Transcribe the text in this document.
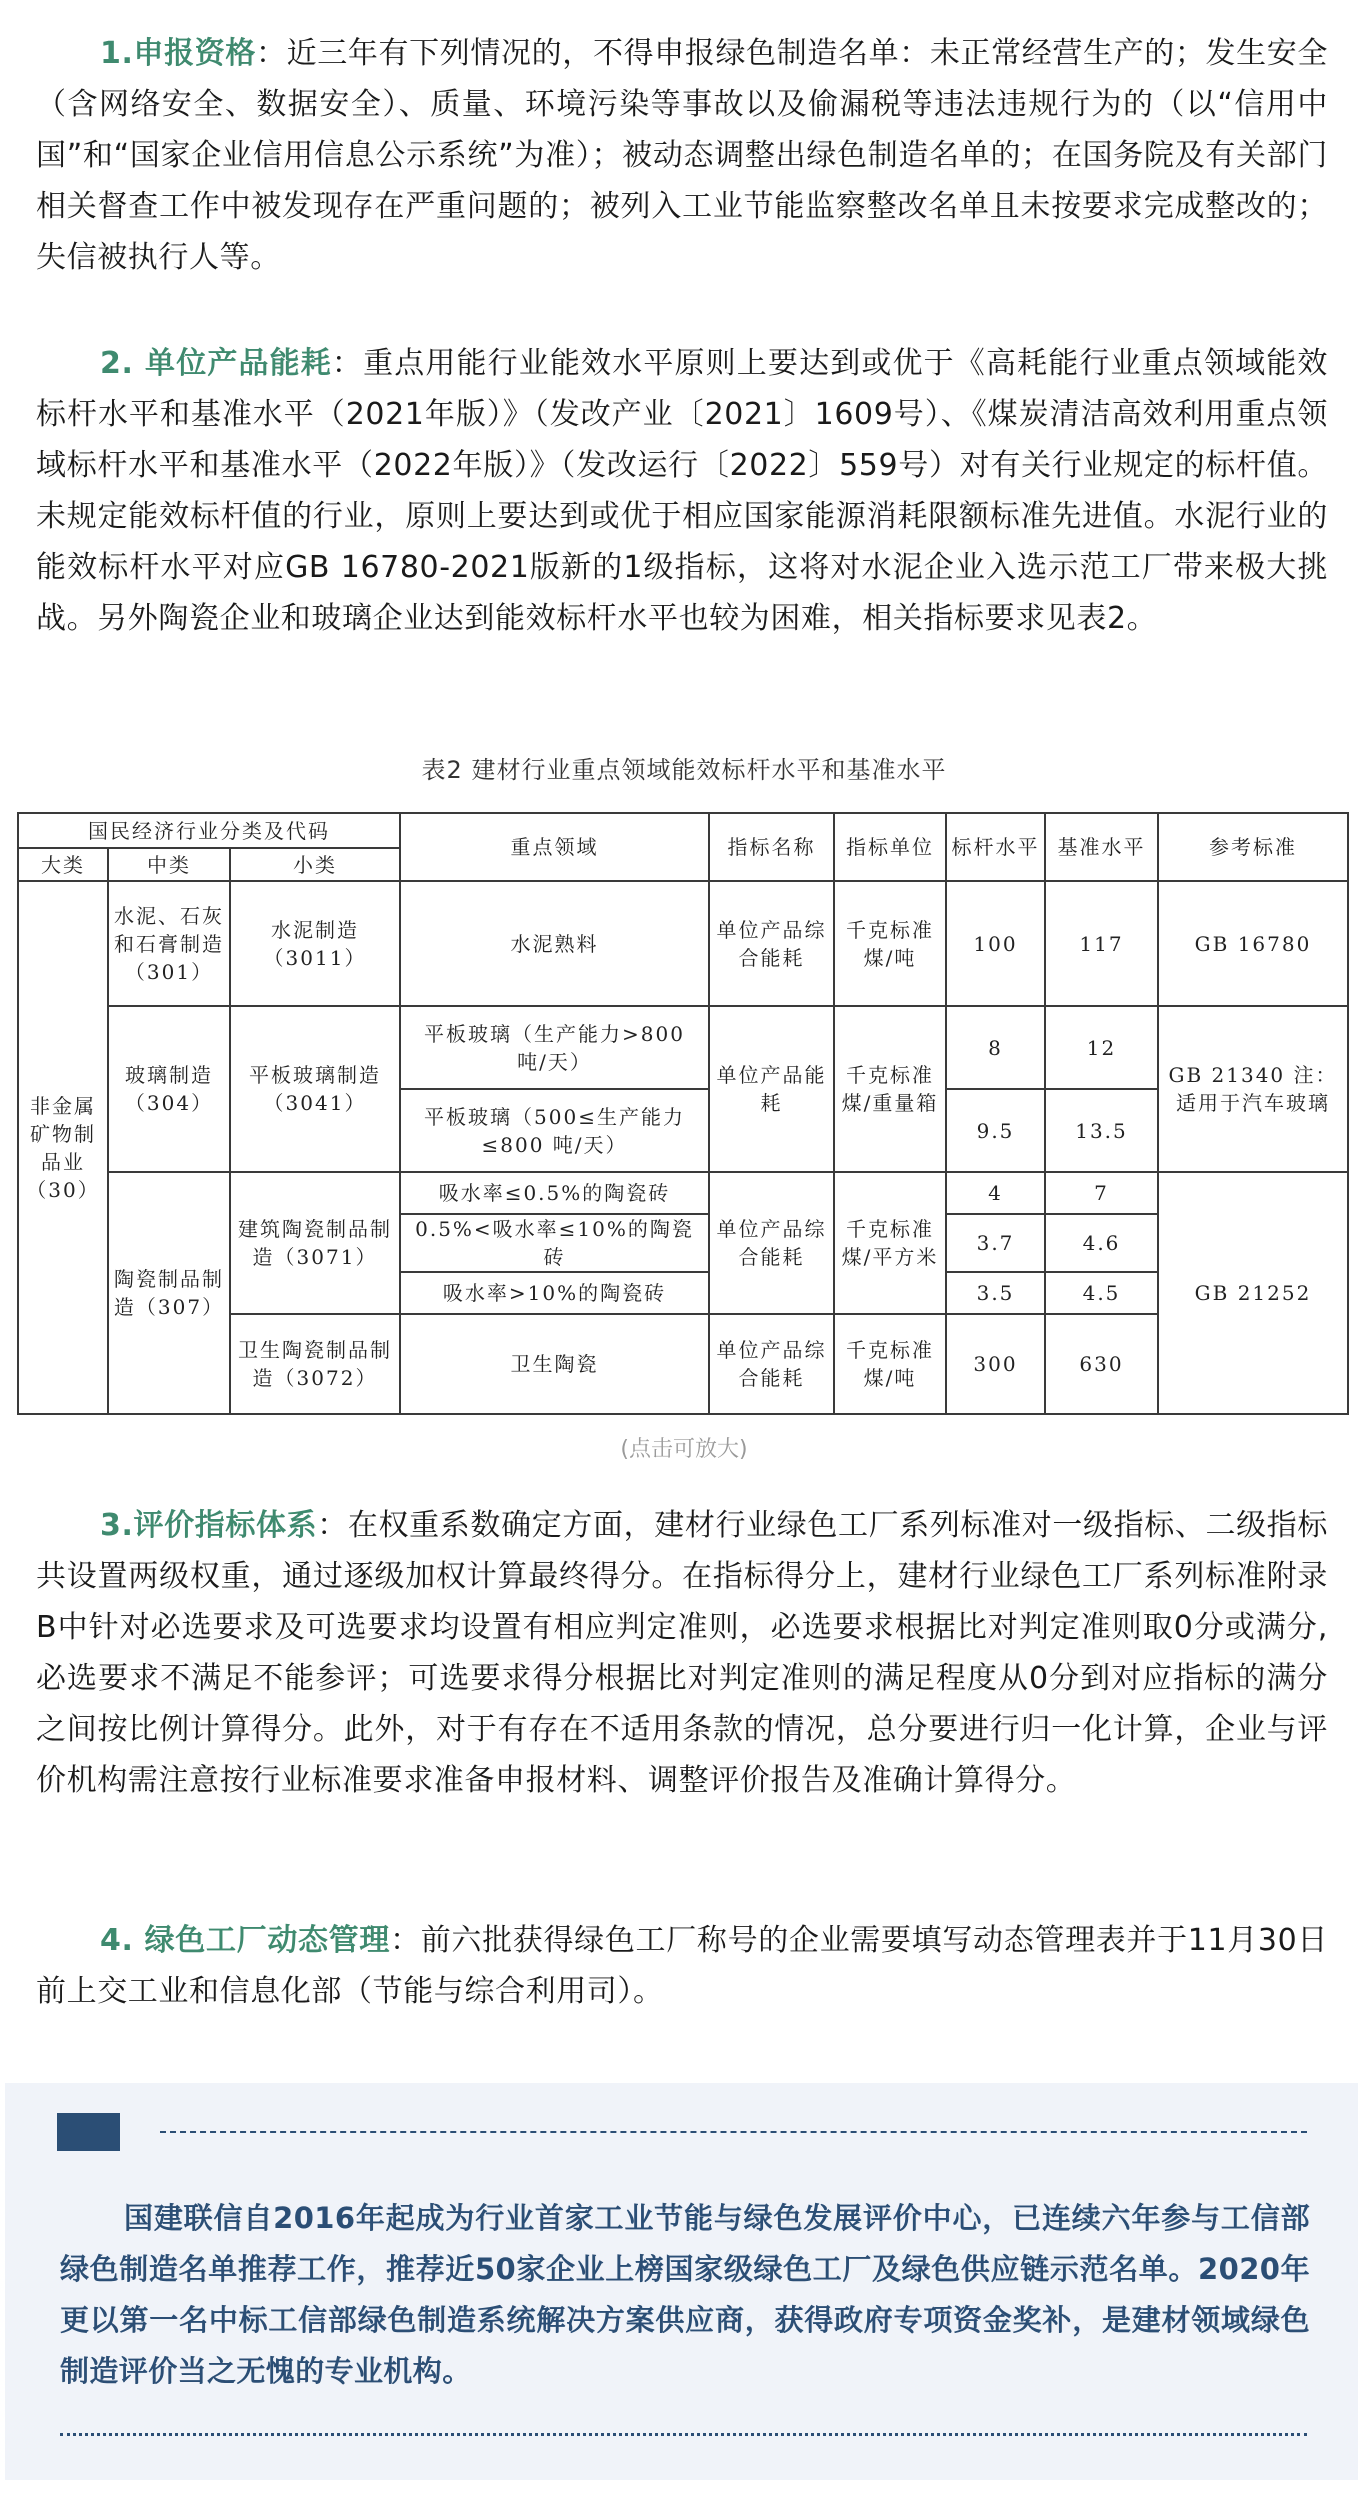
1.申报资格：近三年有下列情况的，不得申报绿色制造名单：未正常经营生产的；发生安全（含网络安全、数据安全）、质量、环境污染等事故以及偷漏税等违法违规行为的（以“信用中国”和“国家企业信用信息公示系统”为准）；被动态调整出绿色制造名单的；在国务院及有关部门相关督查工作中被发现存在严重问题的；被列入工业节能监察整改名单且未按要求完成整改的；失信被执行人等。

2. 单位产品能耗：重点用能行业能效水平原则上要达到或优于《高耗能行业重点领域能效标杆水平和基准水平（2021年版）》（发改产业〔2021〕1609号）、《煤炭清洁高效利用重点领域标杆水平和基准水平（2022年版）》（发改运行〔2022〕559号）对有关行业规定的标杆值。未规定能效标杆值的行业，原则上要达到或优于相应国家能源消耗限额标准先进值。水泥行业的能效标杆水平对应GB 16780-2021版新的1级指标，这将对水泥企业入选示范工厂带来极大挑战。另外陶瓷企业和玻璃企业达到能效标杆水平也较为困难，相关指标要求见表2。

表2 建材行业重点领域能效标杆水平和基准水平
国民经济行业分类及代码			重点领域	指标名称	指标单位	标杆水平	基准水平	参考标准
大类	中类	小类						
非金属矿物制品业（30）	水泥、石灰和石膏制造（301）	水泥制造（3011）	水泥熟料	单位产品综合能耗	千克标准煤/吨	100	117	GB 16780
	玻璃制造（304）	平板玻璃制造（3041）	平板玻璃（生产能力>800 吨/天）	单位产品能耗	千克标准煤/重量箱	8	12	GB 21340 注：适用于汽车玻璃
			平板玻璃（500≤生产能力≤800 吨/天）			9.5	13.5	
	陶瓷制品制造（307）	建筑陶瓷制品制造（3071）	吸水率≤0.5%的陶瓷砖	单位产品综合能耗	千克标准煤/平方米	4	7	GB 21252
			0.5%<吸水率≤10%的陶瓷砖			3.7	4.6	
			吸水率>10%的陶瓷砖			3.5	4.5	
		卫生陶瓷制品制造（3072）	卫生陶瓷	单位产品综合能耗	千克标准煤/吨	300	630	
(点击可放大)

3.评价指标体系：在权重系数确定方面，建材行业绿色工厂系列标准对一级指标、二级指标共设置两级权重，通过逐级加权计算最终得分。在指标得分上，建材行业绿色工厂系列标准附录B中针对必选要求及可选要求均设置有相应判定准则，必选要求根据比对判定准则取0分或满分,必选要求不满足不能参评；可选要求得分根据比对判定准则的满足程度从0分到对应指标的满分之间按比例计算得分。此外，对于有存在不适用条款的情况，总分要进行归一化计算，企业与评价机构需注意按行业标准要求准备申报材料、调整评价报告及准确计算得分。

4. 绿色工厂动态管理：前六批获得绿色工厂称号的企业需要填写动态管理表并于11月30日前上交工业和信息化部（节能与综合利用司）。

国建联信自2016年起成为行业首家工业节能与绿色发展评价中心，已连续六年参与工信部绿色制造名单推荐工作，推荐近50家企业上榜国家级绿色工厂及绿色供应链示范名单。2020年更以第一名中标工信部绿色制造系统解决方案供应商，获得政府专项资金奖补，是建材领域绿色制造评价当之无愧的专业机构。
